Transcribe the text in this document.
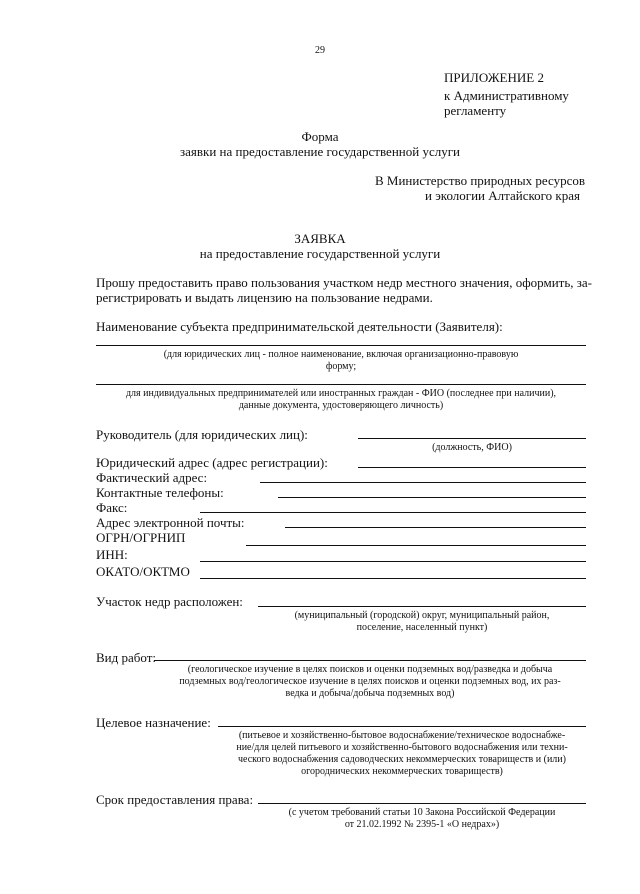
29
ПРИЛОЖЕНИЕ 2
к Административному
регламенту
Форма
заявки на предоставление государственной услуги
В Министерство природных ресурсов
и экологии Алтайского края
ЗАЯВКА
на предоставление государственной услуги
Прошу предоставить право пользования участком недр местного значения, оформить, за-
регистрировать и выдать лицензию на пользование недрами.
Наименование субъекта предпринимательской деятельности (Заявителя):
(для юридических лиц - полное наименование, включая организационно-правовую
форму;
для индивидуальных предпринимателей или иностранных граждан - ФИО (последнее при наличии),
данные документа, удостоверяющего личность)
Руководитель (для юридических лиц):
(должность, ФИО)
Юридический адрес (адрес регистрации):
Фактический адрес:
Контактные телефоны:
Факс:
Адрес электронной почты:
ОГРН/ОГРНИП
ИНН:
ОКАТО/ОКТМО
Участок недр расположен:
(муниципальный (городской) округ, муниципальный район,
поселение, населенный пункт)
Вид работ:
(геологическое изучение в целях поисков и оценки подземных вод/разведка и добыча
подземных вод/геологическое изучение в целях поисков и оценки подземных вод, их раз-
ведка и добыча/добыча подземных вод)
Целевое назначение:
(питьевое и хозяйственно-бытовое водоснабжение/техническое водоснабже-
ние/для целей питьевого и хозяйственно-бытового водоснабжения или техни-
ческого водоснабжения садоводческих некоммерческих товариществ и (или)
огороднических некоммерческих товариществ)
Срок предоставления права:
(с учетом требований статьи 10 Закона Российской Федерации
от 21.02.1992 № 2395-1 «О недрах»)
